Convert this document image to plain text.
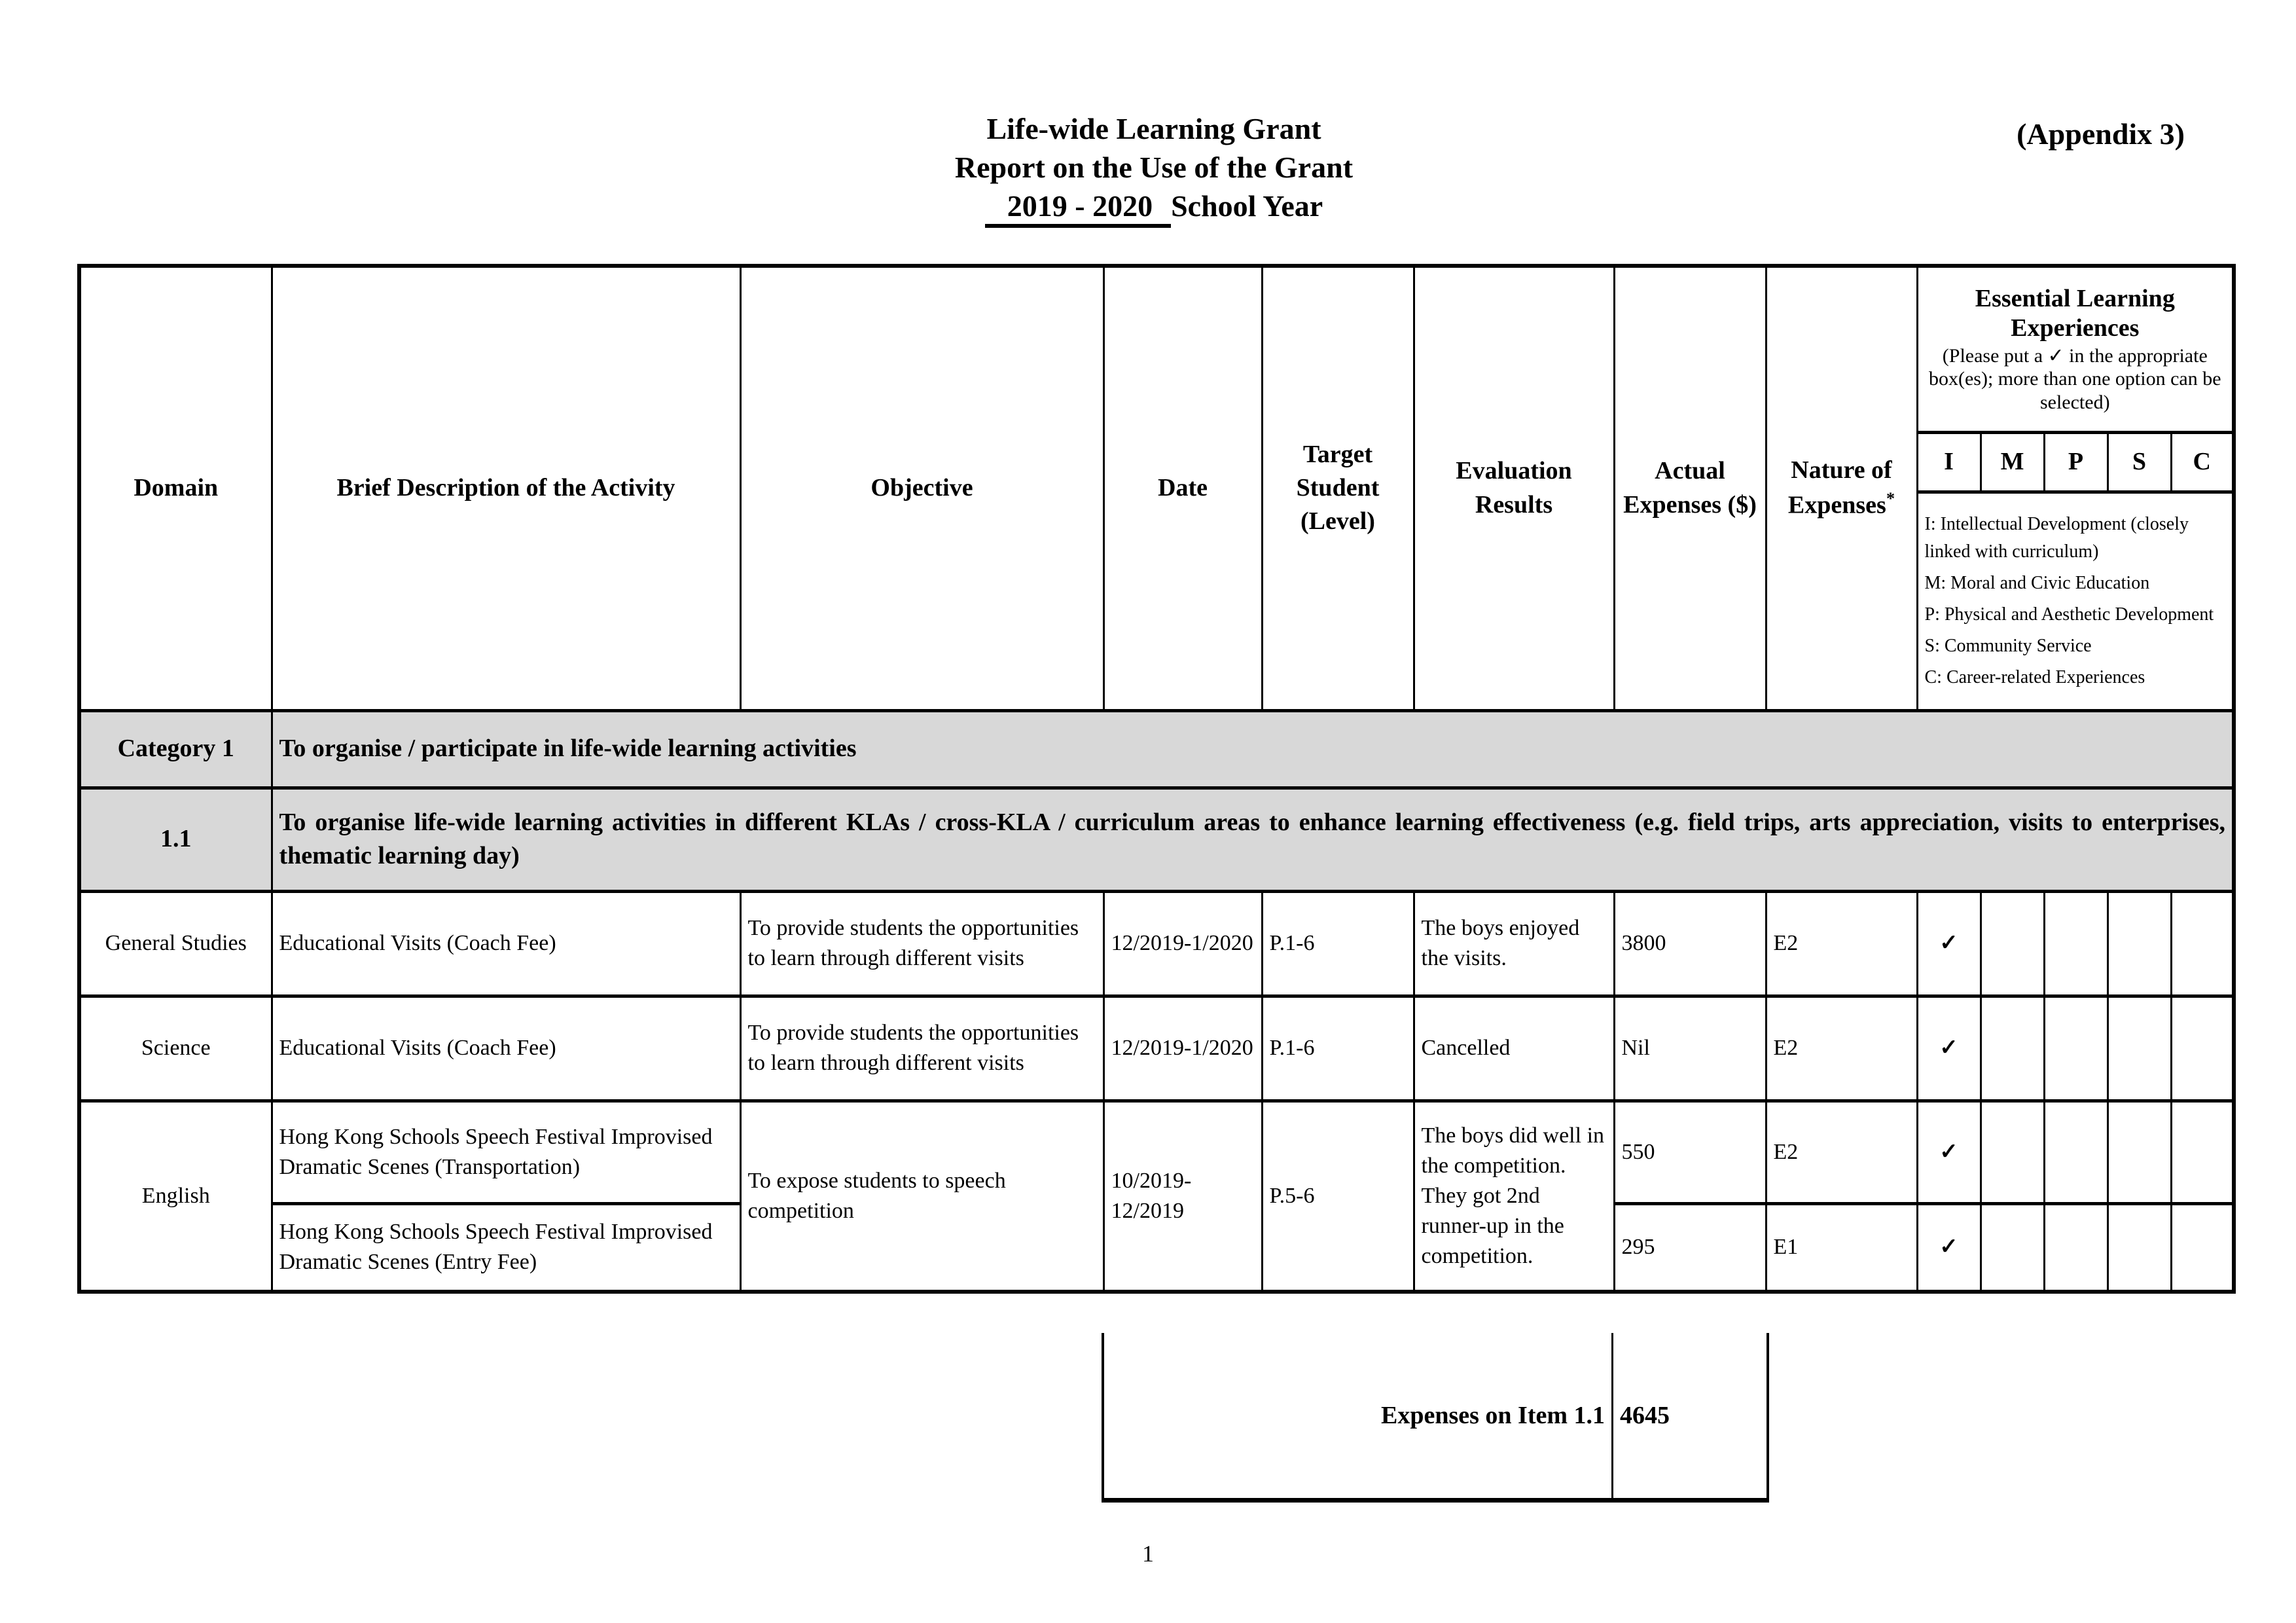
Life-wide Learning Grant
Report on the Use of the Grant
2019 - 2020 School Year
(Appendix 3)
Domain	Brief Description of the Activity	Objective	Date	Target Student (Level)	Evaluation Results	Actual Expenses ($)	Nature of Expenses*	Essential Learning Experiences
(Please put a ✓ in the appropriate box(es); more than one option can be selected)				

								I	M	P	S	C

								I: Intellectual Development (closely linked with curriculum)
M: Moral and Civic Education
P: Physical and Aesthetic Development
S: Community Service
C: Career-related Experiences				

Category 1	To organise / participate in life-wide learning activities											
1.1	To organise life-wide learning activities in different KLAs / cross-KLA / curriculum areas to enhance learning effectiveness (e.g. field trips, arts appreciation, visits to enterprises, thematic learning day)											
General Studies	Educational Visits (Coach Fee)	To provide students the opportunities to learn through different visits	12/2019-1/2020	P.1-6	The boys enjoyed the visits.	3800	E2	✓				
Science	Educational Visits (Coach Fee)	To provide students the opportunities to learn through different visits	12/2019-1/2020	P.1-6	Cancelled	Nil	E2	✓				
English	Hong Kong Schools Speech Festival Improvised Dramatic Scenes (Transportation)	To expose students to speech competition	10/2019-12/2019	P.5-6	The boys did well in the competition. They got 2nd runner-up in the competition.	550	E2	✓				
	Hong Kong Schools Speech Festival Improvised Dramatic Scenes (Entry Fee)					295	E1	✓				
Expenses on Item 1.1 4645
1
